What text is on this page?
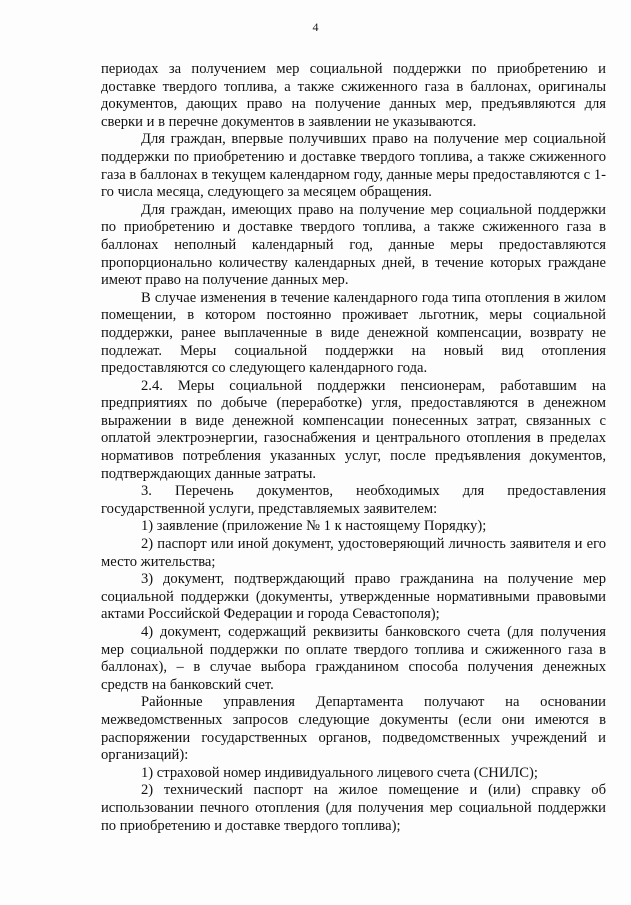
4

периодах за получением мер социальной поддержки по приобретению и доставке твердого топлива, а также сжиженного газа в баллонах, оригиналы документов, дающих право на получение данных мер, предъявляются для сверки и в перечне документов в заявлении не указываются.

Для граждан, впервые получивших право на получение мер социальной поддержки по приобретению и доставке твердого топлива, а также сжиженного газа в баллонах в текущем календарном году, данные меры предоставляются с 1-го числа месяца, следующего за месяцем обращения.

Для граждан, имеющих право на получение мер социальной поддержки по приобретению и доставке твердого топлива, а также сжиженного газа в баллонах неполный календарный год, данные меры предоставляются пропорционально количеству календарных дней, в течение которых граждане имеют право на получение данных мер.

В случае изменения в течение календарного года типа отопления в жилом помещении, в котором постоянно проживает льготник, меры социальной поддержки, ранее выплаченные в виде денежной компенсации, возврату не подлежат. Меры социальной поддержки на новый вид отопления предоставляются со следующего календарного года.

2.4. Меры социальной поддержки пенсионерам, работавшим на предприятиях по добыче (переработке) угля, предоставляются в денежном выражении в виде денежной компенсации понесенных затрат, связанных с оплатой электроэнергии, газоснабжения и центрального отопления в пределах нормативов потребления указанных услуг, после предъявления документов, подтверждающих данные затраты.

3. Перечень документов, необходимых для предоставления государственной услуги, представляемых заявителем:

1) заявление (приложение № 1 к настоящему Порядку);

2) паспорт или иной документ, удостоверяющий личность заявителя и его место жительства;

3) документ, подтверждающий право гражданина на получение мер социальной поддержки (документы, утвержденные нормативными правовыми актами Российской Федерации и города Севастополя);

4) документ, содержащий реквизиты банковского счета (для получения мер социальной поддержки по оплате твердого топлива и сжиженного газа в баллонах), – в случае выбора гражданином способа получения денежных средств на банковский счет.

Районные управления Департамента получают на основании межведомственных запросов следующие документы (если они имеются в распоряжении государственных органов, подведомственных учреждений и организаций):

1) страховой номер индивидуального лицевого счета (СНИЛС);

2) технический паспорт на жилое помещение и (или) справку об использовании печного отопления (для получения мер социальной поддержки по приобретению и доставке твердого топлива);
